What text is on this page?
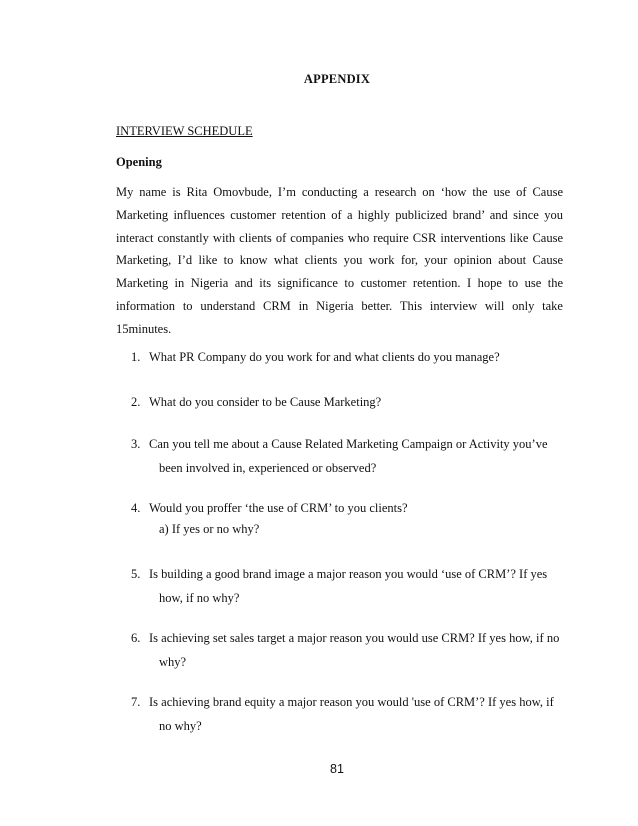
APPENDIX
INTERVIEW SCHEDULE
Opening

My name is Rita Omovbude, I’m conducting a research on ‘how the use of Cause Marketing influences customer retention of a highly publicized brand’ and since you interact constantly with clients of companies who require CSR interventions like Cause Marketing, I’d like to know what clients you work for, your opinion about Cause Marketing in Nigeria and its significance to customer retention. I hope to use the information to understand CRM in Nigeria better. This interview will only take 15minutes.

1. What PR Company do you work for and what clients do you manage?
2. What do you consider to be Cause Marketing?
3. Can you tell me about a Cause Related Marketing Campaign or Activity you’ve
been involved in, experienced or observed?
4. Would you proffer ‘the use of CRM’ to you clients?
a) If yes or no why?
5. Is building a good brand image a major reason you would ‘use of CRM’? If yes
how, if no why?
6. Is achieving set sales target a major reason you would use CRM? If yes how, if no
why?
7. Is achieving brand equity a major reason you would 'use of CRM’? If yes how, if
no why?
81
